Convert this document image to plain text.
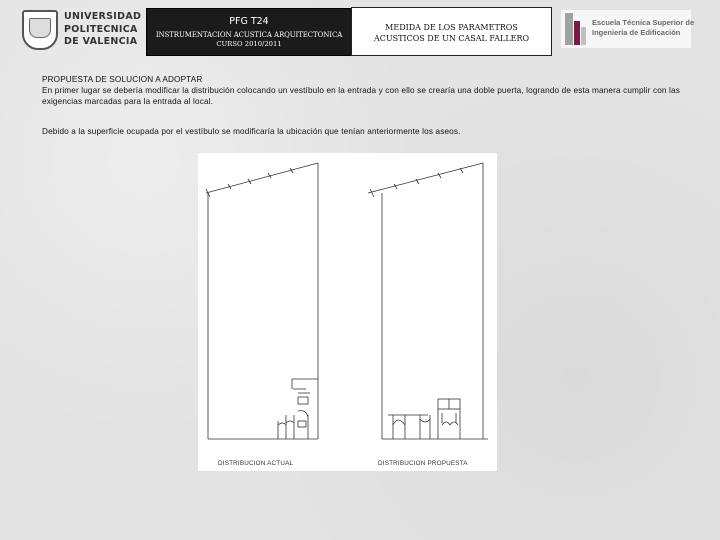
UNIVERSIDAD
POLITECNICA
DE VALENCIA
PFG T24
INSTRUMENTACION ACUSTICA ARQUITECTONICA
CURSO 2010/2011
MEDIDA DE LOS PARAMETROS
ACUSTICOS DE UN CASAL FALLERO
Escuela Técnica Superior de
Ingeniería de Edificación
PROPUESTA DE SOLUCION A ADOPTAR
En primer lugar se debería modificar la distribución colocando un vestíbulo en la entrada y con ello se crearía una doble puerta, logrando de esta manera cumplir con las exigencias marcadas para la entrada al local.
Debido a la superficie ocupada por el vestíbulo se modificaría la ubicación que tenían anteriormente los aseos.
DISTRIBUCION ACTUAL	DISTRIBUCION PROPUESTA
